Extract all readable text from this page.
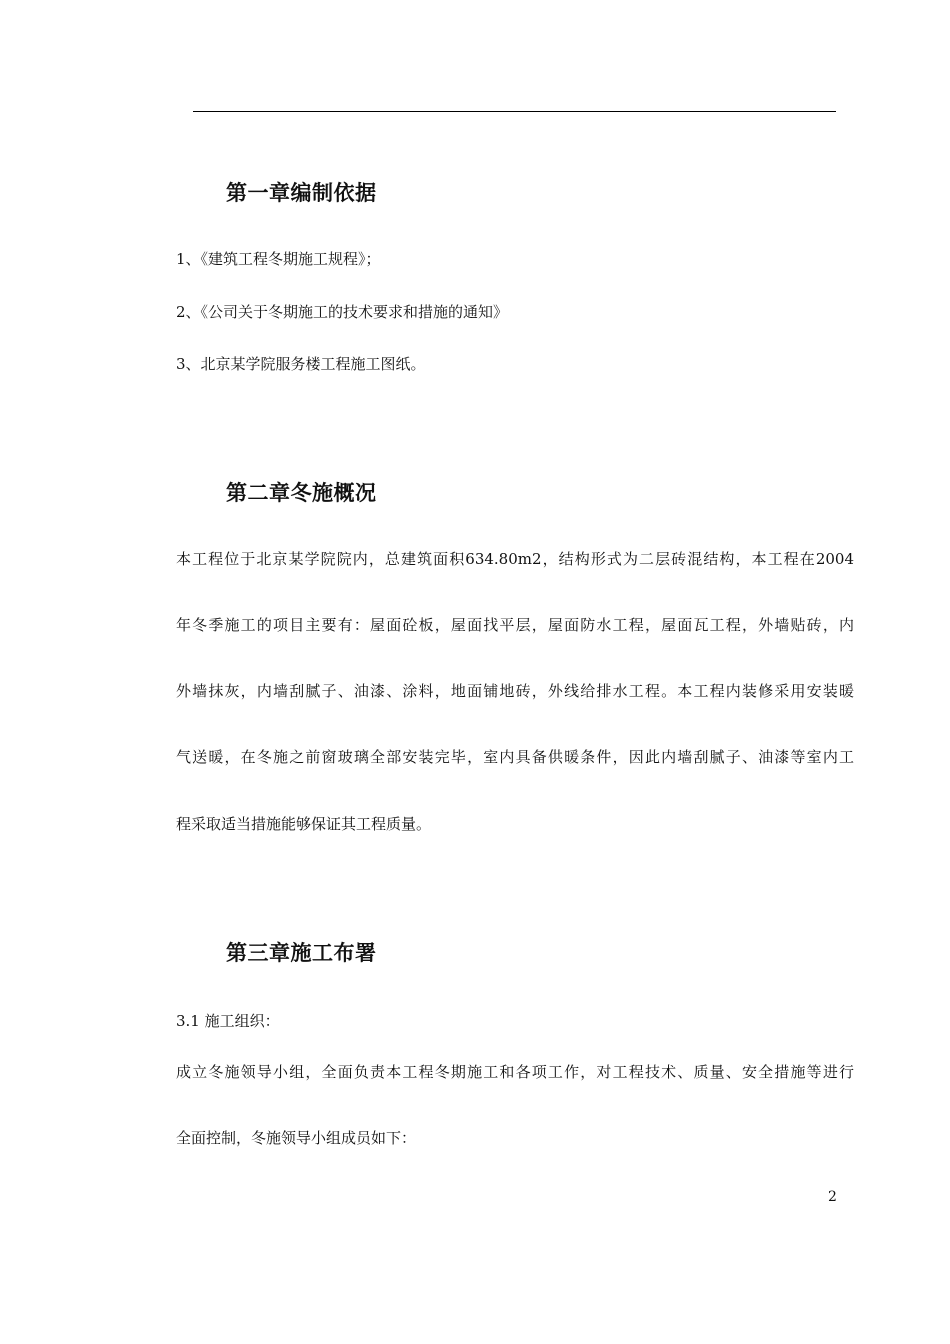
第一章编制依据

1、《建筑工程冬期施工规程》；

2、《公司关于冬期施工的技术要求和措施的通知》

3、北京某学院服务楼工程施工图纸。

第二章冬施概况

本工程位于北京某学院院内，总建筑面积634.80m2，结构形式为二层砖混结构，本工程在2004

年冬季施工的项目主要有：屋面砼板，屋面找平层，屋面防水工程，屋面瓦工程，外墙贴砖，内

外墙抹灰，内墙刮腻子、油漆、涂料，地面铺地砖，外线给排水工程。本工程内装修采用安装暖

气送暖，在冬施之前窗玻璃全部安装完毕，室内具备供暖条件，因此内墙刮腻子、油漆等室内工

程采取适当措施能够保证其工程质量。

第三章施工布署

3.1 施工组织：

成立冬施领导小组，全面负责本工程冬期施工和各项工作，对工程技术、质量、安全措施等进行

全面控制，冬施领导小组成员如下：

2
